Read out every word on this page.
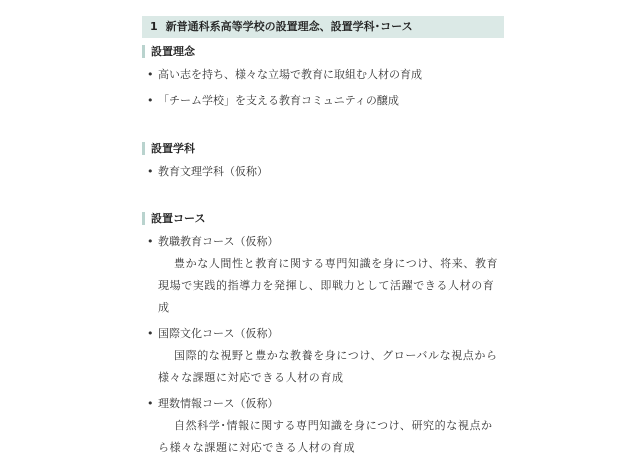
1 新普通科系高等学校の設置理念、設置学科･コース
設置理念
• 高い志を持ち、様々な立場で教育に取組む人材の育成
• 「チーム学校」を支える教育コミュニティの醸成
設置学科
• 教育文理学科（仮称）
設置コース
• 教職教育コース（仮称）
豊かな人間性と教育に関する専門知識を身につけ、将来、教育現場で実践的指導力を発揮し、即戦力として活躍できる人材の育成
• 国際文化コース（仮称）
国際的な視野と豊かな教養を身につけ、グローバルな視点から様々な課題に対応できる人材の育成
• 理数情報コース（仮称）
自然科学･情報に関する専門知識を身につけ、研究的な視点から様々な課題に対応できる人材の育成
